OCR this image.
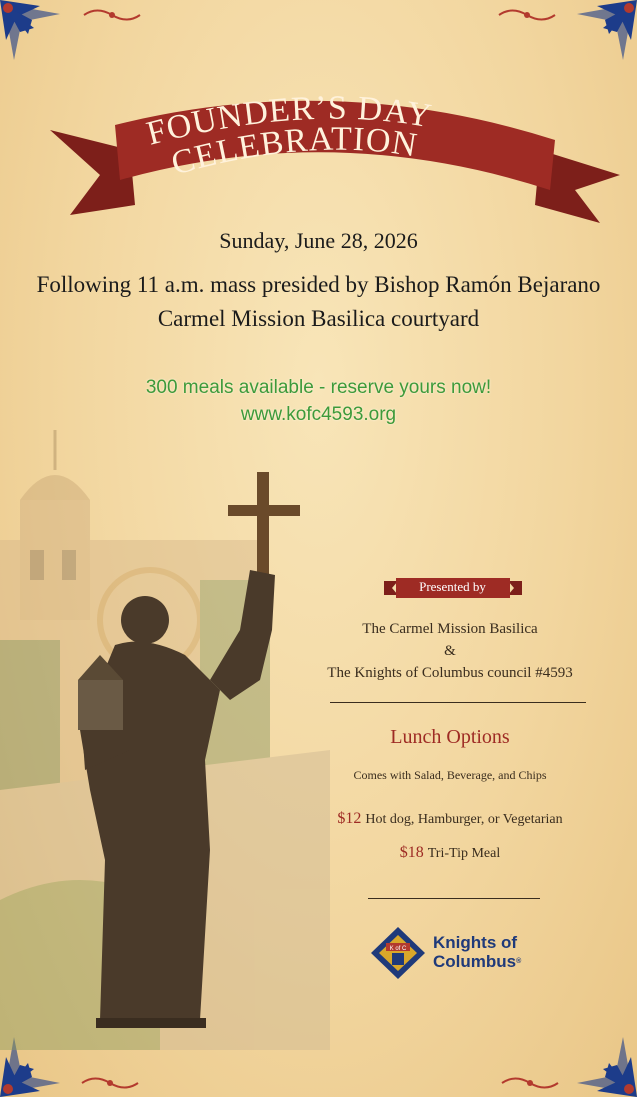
FOUNDER’S DAY
CELEBRATION
Sunday, June 28, 2026
Following 11 a.m. mass presided by Bishop Ramón Bejarano
Carmel Mission Basilica courtyard
300 meals available - reserve yours now!
www.kofc4593.org
Presented by
The Carmel Mission Basilica
&
The Knights of Columbus council #4593
Lunch Options
Comes with Salad, Beverage, and Chips
$12 Hot dog, Hamburger, or Vegetarian
$18 Tri-Tip Meal
K of C Knights of
Columbus®
